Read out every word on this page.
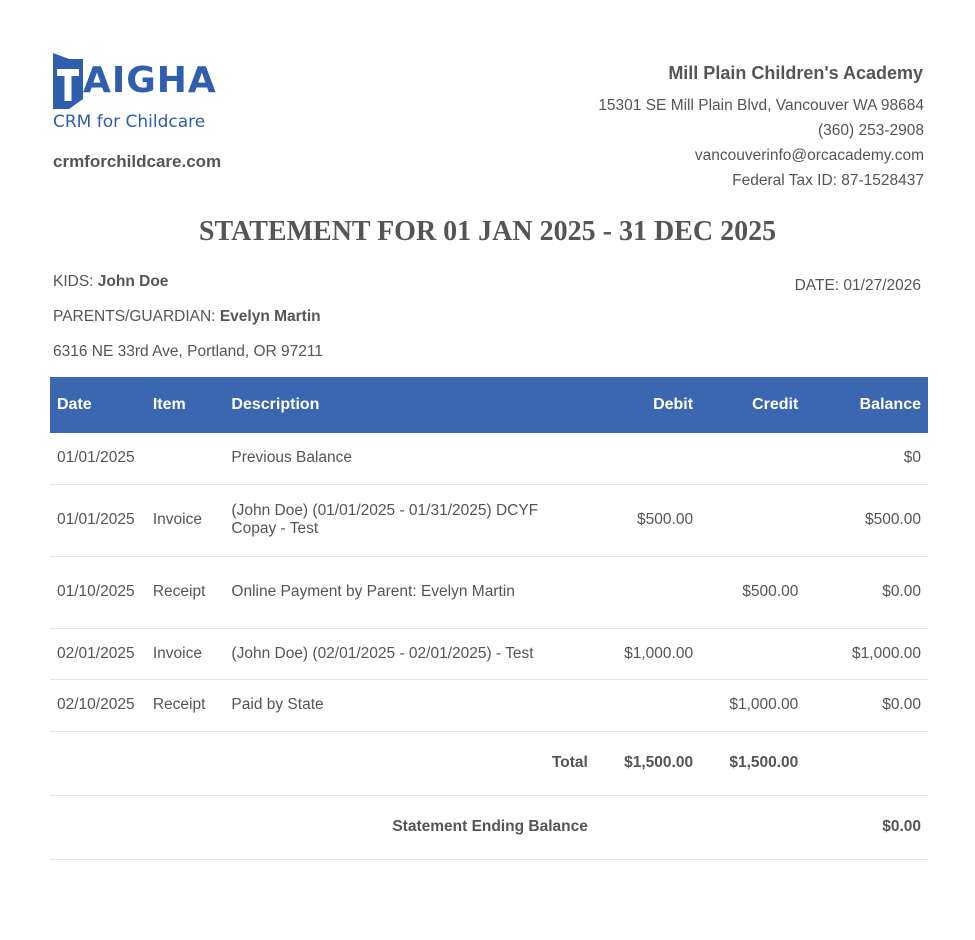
AIGHA
CRM for Childcare
crmforchildcare.com
Mill Plain Children's Academy
15301 SE Mill Plain Blvd, Vancouver WA 98684
(360) 253-2908
vancouverinfo@orcacademy.com
Federal Tax ID: 87-1528437
STATEMENT FOR 01 JAN 2025 - 31 DEC 2025
KIDS: John Doe	DATE: 01/27/2026
PARENTS/GUARDIAN: Evelyn Martin
6316 NE 33rd Ave, Portland, OR 97211
Date	Item	Description	Debit	Credit	Balance
01/01/2025		Previous Balance			$0
01/01/2025	Invoice	(John Doe) (01/01/2025 - 01/31/2025) DCYF Copay - Test	$500.00		$500.00
01/10/2025	Receipt	Online Payment by Parent: Evelyn Martin		$500.00	$0.00
02/01/2025	Invoice	(John Doe) (02/01/2025 - 02/01/2025) - Test	$1,000.00		$1,000.00
02/10/2025	Receipt	Paid by State		$1,000.00	$0.00
Total			$1,500.00	$1,500.00	
Statement Ending Balance					$0.00
